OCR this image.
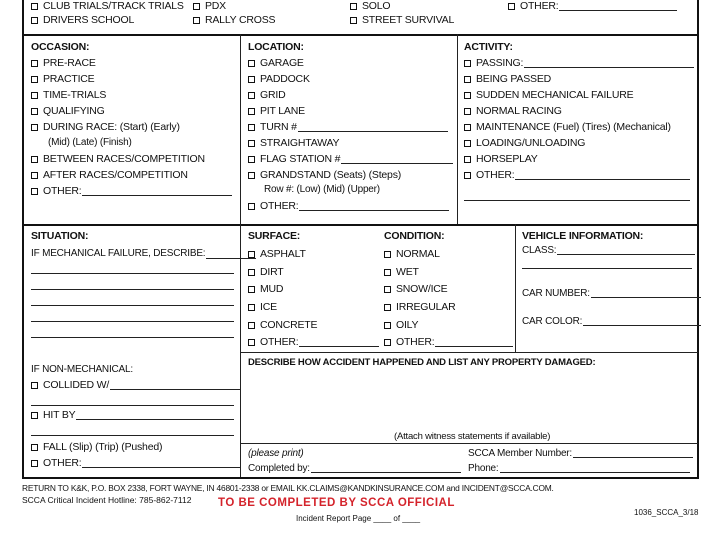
CLUB TRIALS/TRACK TRIALS
DRIVERS SCHOOL
PDX
RALLY CROSS
SOLO
STREET SURVIVAL
OTHER:
OCCASION:
PRE-RACE
PRACTICE
TIME-TRIALS
QUALIFYING
DURING RACE: (Start) (Early)
(Mid) (Late) (Finish)
BETWEEN RACES/COMPETITION
AFTER RACES/COMPETITION
OTHER:
LOCATION:
GARAGE
PADDOCK
GRID
PIT LANE
TURN #
STRAIGHTAWAY
FLAG STATION #
GRANDSTAND (Seats) (Steps)
Row #: (Low) (Mid) (Upper)
OTHER:
ACTIVITY:
PASSING:
BEING PASSED
SUDDEN MECHANICAL FAILURE
NORMAL RACING
MAINTENANCE (Fuel) (Tires) (Mechanical)
LOADING/UNLOADING
HORSEPLAY
OTHER:
SITUATION:
IF MECHANICAL FAILURE, DESCRIBE:
IF NON-MECHANICAL:
COLLIDED W/
HIT BY
FALL (Slip) (Trip) (Pushed)
OTHER:
SURFACE:
ASPHALT
DIRT
MUD
ICE
CONCRETE
OTHER:
CONDITION:
NORMAL
WET
SNOW/ICE
IRREGULAR
OILY
OTHER:
VEHICLE INFORMATION:
CLASS:
CAR NUMBER:
CAR COLOR:
DESCRIBE HOW ACCIDENT HAPPENED AND LIST ANY PROPERTY DAMAGED:
(Attach witness statements if available)
(please print)
Completed by:
SCCA Member Number:
Phone:
RETURN TO K&K, P.O. BOX 2338, FORT WAYNE, IN 46801-2338 or EMAIL KK.CLAIMS@KANDKINSURANCE.COM and INCIDENT@SCCA.COM.
SCCA Critical Incident Hotline: 785-862-7112 TO BE COMPLETED BY SCCA OFFICIAL
Incident Report Page ____ of ____
1036_SCCA_3/18
